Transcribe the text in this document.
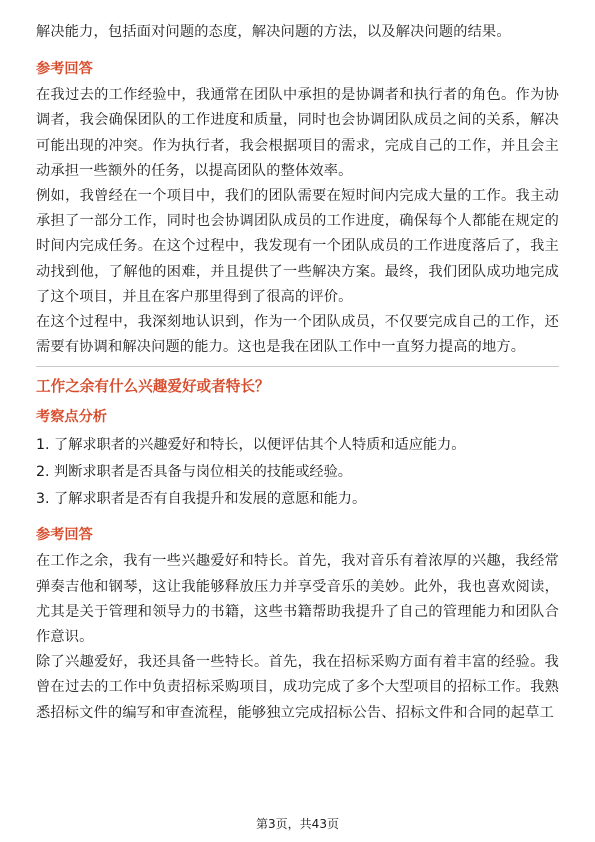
解决能力，包括面对问题的态度，解决问题的方法，以及解决问题的结果。

参考回答

在我过去的工作经验中，我通常在团队中承担的是协调者和执行者的角色。作为协调者，我会确保团队的工作进度和质量，同时也会协调团队成员之间的关系，解决可能出现的冲突。作为执行者，我会根据项目的需求，完成自己的工作，并且会主动承担一些额外的任务，以提高团队的整体效率。

例如，我曾经在一个项目中，我们的团队需要在短时间内完成大量的工作。我主动承担了一部分工作，同时也会协调团队成员的工作进度，确保每个人都能在规定的时间内完成任务。在这个过程中，我发现有一个团队成员的工作进度落后了，我主动找到他，了解他的困难，并且提供了一些解决方案。最终，我们团队成功地完成了这个项目，并且在客户那里得到了很高的评价。

在这个过程中，我深刻地认识到，作为一个团队成员，不仅要完成自己的工作，还需要有协调和解决问题的能力。这也是我在团队工作中一直努力提高的地方。

工作之余有什么兴趣爱好或者特长？

考察点分析

1. 了解求职者的兴趣爱好和特长，以便评估其个人特质和适应能力。

2. 判断求职者是否具备与岗位相关的技能或经验。

3. 了解求职者是否有自我提升和发展的意愿和能力。

参考回答

在工作之余，我有一些兴趣爱好和特长。首先，我对音乐有着浓厚的兴趣，我经常弹奏吉他和钢琴，这让我能够释放压力并享受音乐的美妙。此外，我也喜欢阅读，尤其是关于管理和领导力的书籍，这些书籍帮助我提升了自己的管理能力和团队合作意识。

除了兴趣爱好，我还具备一些特长。首先，我在招标采购方面有着丰富的经验。我曾在过去的工作中负责招标采购项目，成功完成了多个大型项目的招标工作。我熟悉招标文件的编写和审查流程，能够独立完成招标公告、招标文件和合同的起草工

第3页，共43页
